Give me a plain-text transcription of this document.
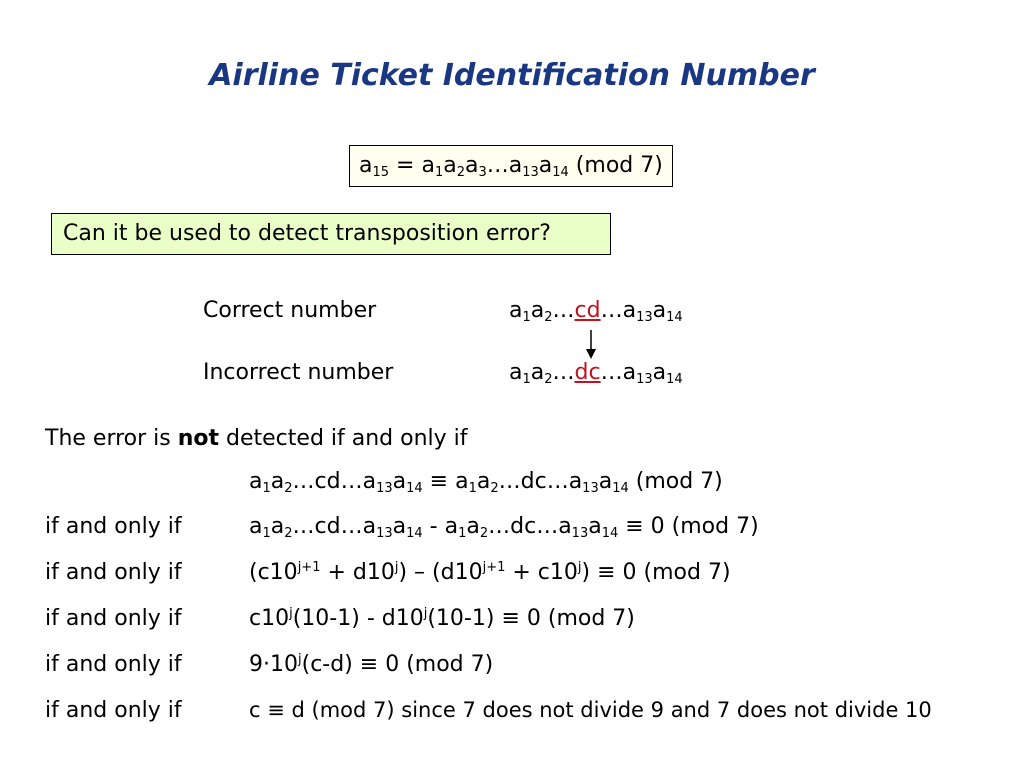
Airline Ticket Identification Number
$a_{15}$ = $a_1a_2a_3\dots a_{13}a_{14}$ (mod 7)
Can it be used to detect transposition error?
Correct number	$a_1a_2\dots cd\dots a_{13}a_{14}$
Incorrect number	$a_1a_2\dots dc\dots a_{13}a_{14}$
The error is not detected if and only if
$a_1a_2\dots cd\dots a_{13}a_{14}$ ≡ $a_1a_2\dots dc\dots a_{13}a_{14}$ (mod 7)
if and only if	$a_1a_2\dots cd\dots a_{13}a_{14}$ - $a_1a_2\dots dc\dots a_{13}a_{14} \equiv 0$ (mod 7)
if and only if	$(c10^{j+1} + d10^j) - (d10^{j+1} + c10^j) \equiv 0$ (mod 7)
if and only if	$c10^j(10-1) - d10^j(10-1) \equiv 0$ (mod 7)
if and only if	$9\cdot 10^j(c-d) \equiv 0$ (mod 7)
if and only if	c ≡ d (mod 7) since 7 does not divide 9 and 7 does not divide 10
